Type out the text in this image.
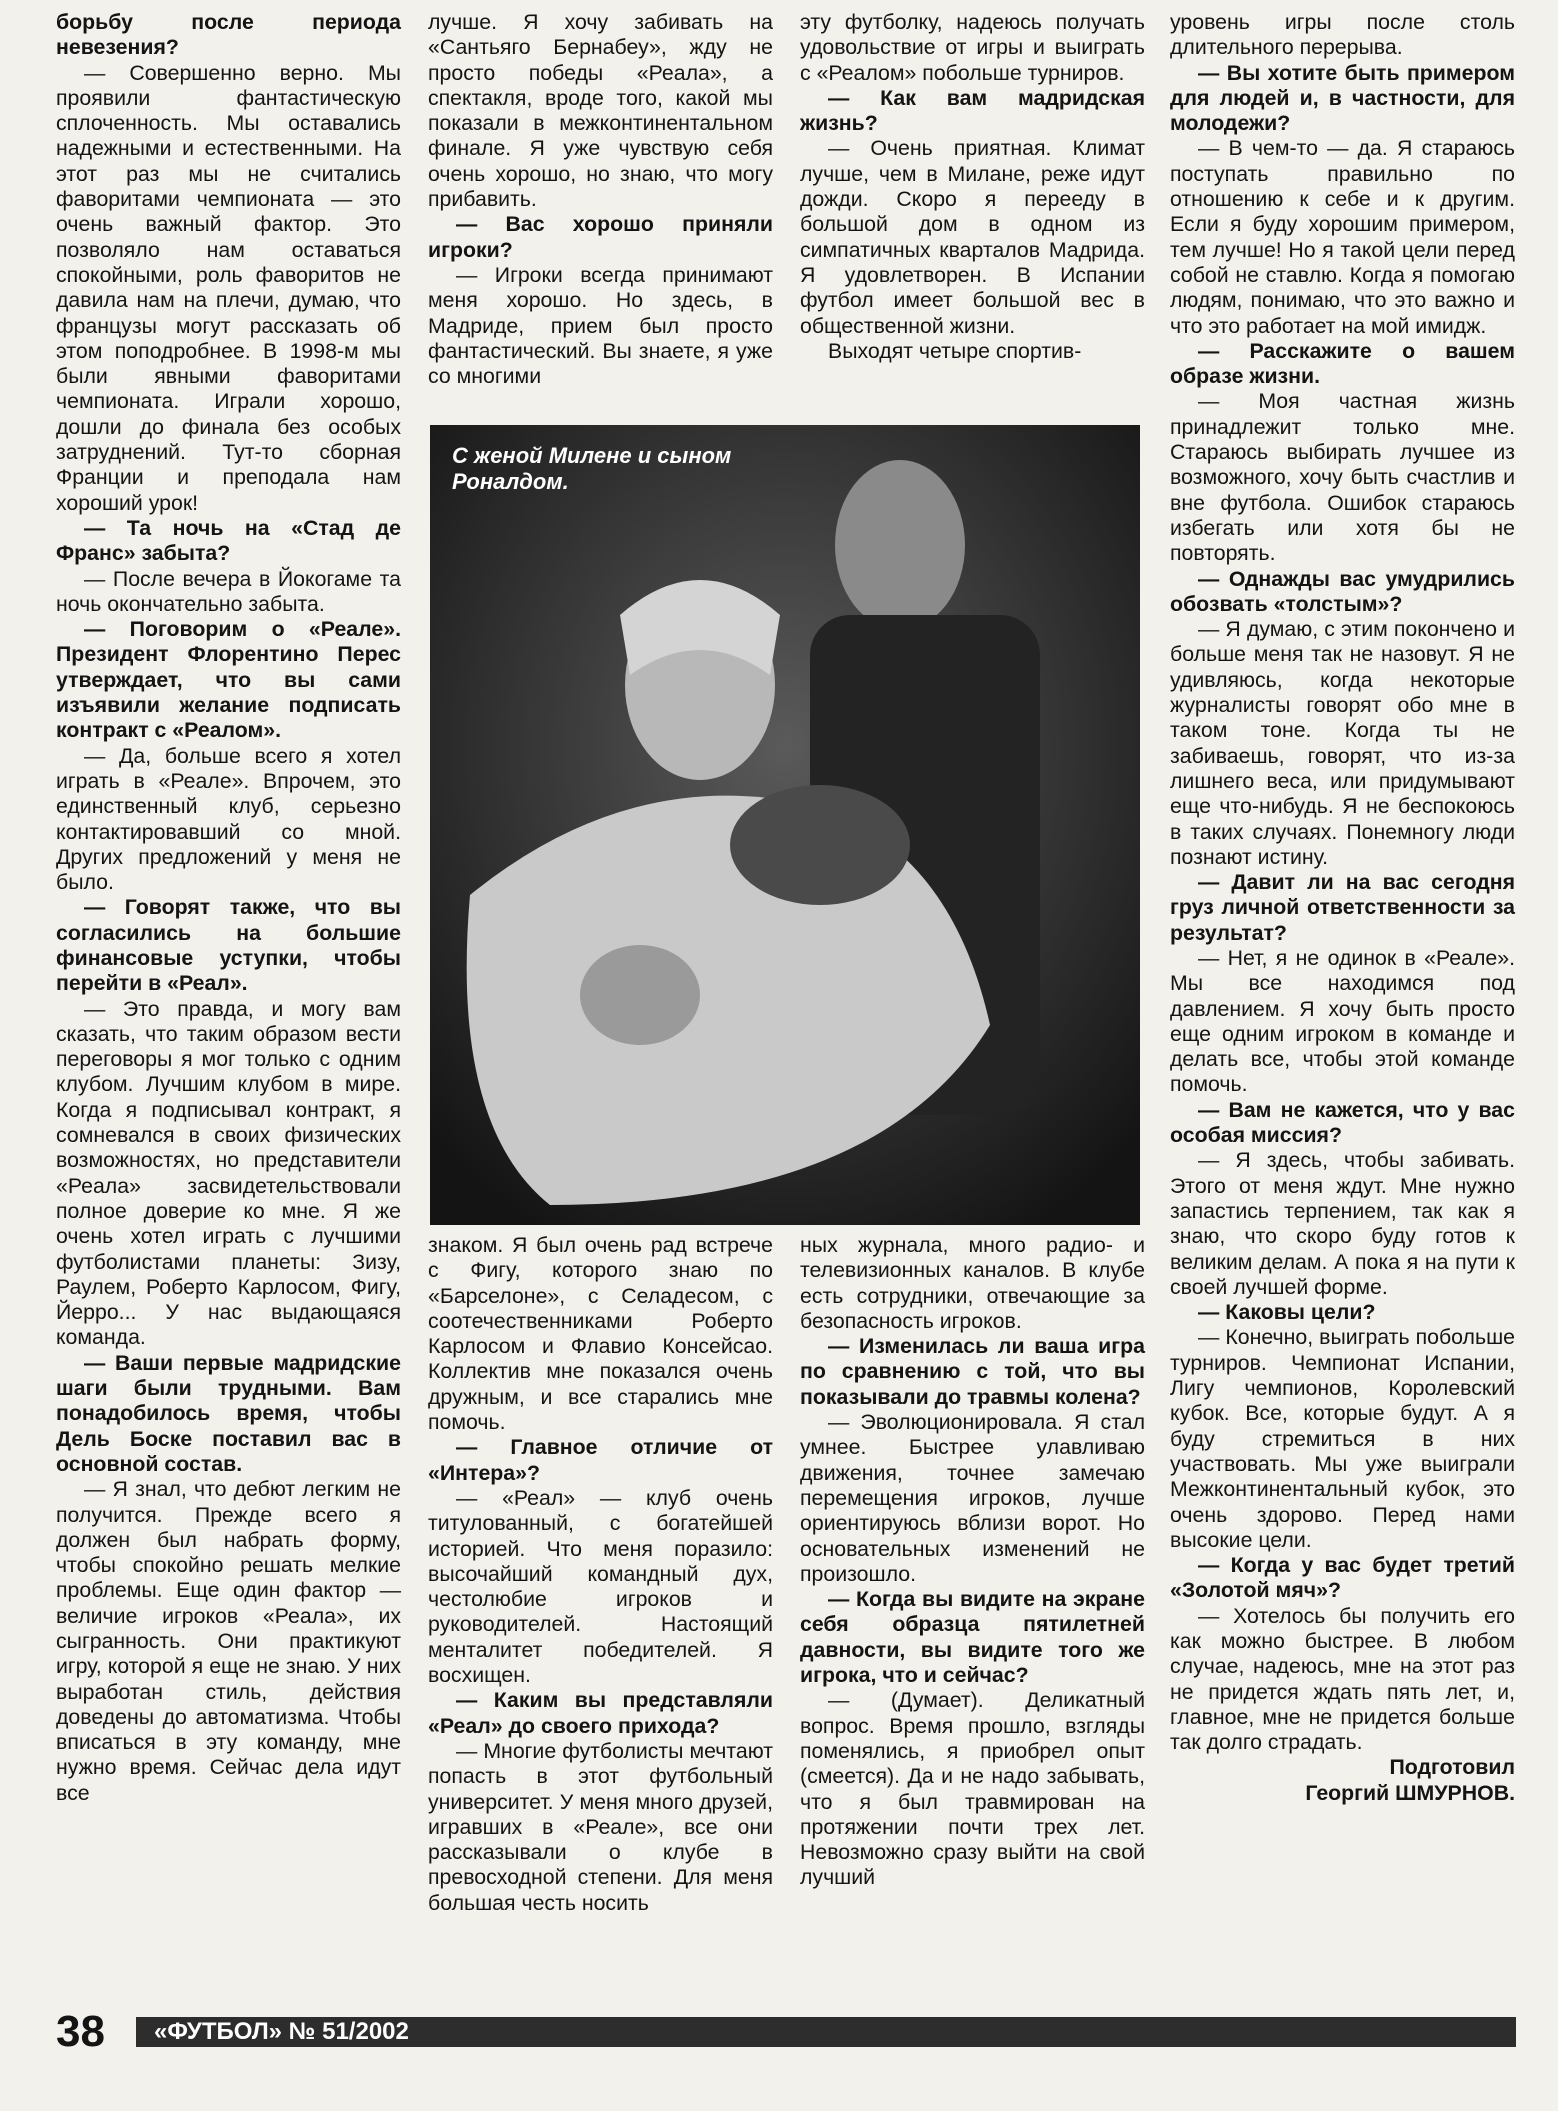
борьбу после периода невезения?

— Совершенно верно. Мы проявили фантастическую сплоченность. Мы оставались надежными и естественными. На этот раз мы не считались фаворитами чемпионата — это очень важный фактор. Это позволяло нам оставаться спокойными, роль фаворитов не давила нам на плечи, думаю, что французы могут рассказать об этом поподробнее. В 1998-м мы были явными фаворитами чемпионата. Играли хорошо, дошли до финала без особых затруднений. Тут-то сборная Франции и преподала нам хороший урок!

— Та ночь на «Стад де Франс» забыта?

— После вечера в Йокогаме та ночь окончательно забыта.

— Поговорим о «Реале». Президент Флорентино Перес утверждает, что вы сами изъявили желание подписать контракт с «Реалом».

— Да, больше всего я хотел играть в «Реале». Впрочем, это единственный клуб, серьезно контактировавший со мной. Других предложений у меня не было.

— Говорят также, что вы согласились на большие финансовые уступки, чтобы перейти в «Реал».

— Это правда, и могу вам сказать, что таким образом вести переговоры я мог только с одним клубом. Лучшим клубом в мире. Когда я подписывал контракт, я сомневался в своих физических возможностях, но представители «Реала» засвидетельствовали полное доверие ко мне. Я же очень хотел играть с лучшими футболистами планеты: Зизу, Раулем, Роберто Карлосом, Фигу, Йерро... У нас выдающаяся команда.

— Ваши первые мадридские шаги были трудными. Вам понадобилось время, чтобы Дель Боске поставил вас в основной состав.

— Я знал, что дебют легким не получится. Прежде всего я должен был набрать форму, чтобы спокойно решать мелкие проблемы. Еще один фактор — величие игроков «Реала», их сыгранность. Они практикуют игру, которой я еще не знаю. У них выработан стиль, действия доведены до автоматизма. Чтобы вписаться в эту команду, мне нужно время. Сейчас дела идут все

лучше. Я хочу забивать на «Сантьяго Бернабеу», жду не просто победы «Реала», а спектакля, вроде того, какой мы показали в межконтинентальном финале. Я уже чувствую себя очень хорошо, но знаю, что могу прибавить.

— Вас хорошо приняли игроки?

— Игроки всегда принимают меня хорошо. Но здесь, в Мадриде, прием был просто фантастический. Вы знаете, я уже со многими

знаком. Я был очень рад встрече с Фигу, которого знаю по «Барселоне», с Селадесом, с соотечественниками Роберто Карлосом и Флавио Консейсао. Коллектив мне показался очень дружным, и все старались мне помочь.

— Главное отличие от «Интера»?

— «Реал» — клуб очень титулованный, с богатейшей историей. Что меня поразило: высочайший командный дух, честолюбие игроков и руководителей. Настоящий менталитет победителей. Я восхищен.

— Каким вы представляли «Реал» до своего прихода?

— Многие футболисты мечтают попасть в этот футбольный университет. У меня много друзей, игравших в «Реале», все они рассказывали о клубе в превосходной степени. Для меня большая честь носить

эту футболку, надеюсь получать удовольствие от игры и выиграть с «Реалом» побольше турниров.

— Как вам мадридская жизнь?

— Очень приятная. Климат лучше, чем в Милане, реже идут дожди. Скоро я перееду в большой дом в одном из симпатичных кварталов Мадрида. Я удовлетворен. В Испании футбол имеет большой вес в общественной жизни.

Выходят четыре спортив-

ных журнала, много радио- и телевизионных каналов. В клубе есть сотрудники, отвечающие за безопасность игроков.

— Изменилась ли ваша игра по сравнению с той, что вы показывали до травмы колена?

— Эволюционировала. Я стал умнее. Быстрее улавливаю движения, точнее замечаю перемещения игроков, лучше ориентируюсь вблизи ворот. Но основательных изменений не произошло.

— Когда вы видите на экране себя образца пятилетней давности, вы видите того же игрока, что и сейчас?

— (Думает). Деликатный вопрос. Время прошло, взгляды поменялись, я приобрел опыт (смеется). Да и не надо забывать, что я был травмирован на протяжении почти трех лет. Невозможно сразу выйти на свой лучший

уровень игры после столь длительного перерыва.

— Вы хотите быть примером для людей и, в частности, для молодежи?

— В чем-то — да. Я стараюсь поступать правильно по отношению к себе и к другим. Если я буду хорошим примером, тем лучше! Но я такой цели перед собой не ставлю. Когда я помогаю людям, понимаю, что это важно и что это работает на мой имидж.

— Расскажите о вашем образе жизни.

— Моя частная жизнь принадлежит только мне. Стараюсь выбирать лучшее из возможного, хочу быть счастлив и вне футбола. Ошибок стараюсь избегать или хотя бы не повторять.

— Однажды вас умудрились обозвать «толстым»?

— Я думаю, с этим покончено и больше меня так не назовут. Я не удивляюсь, когда некоторые журналисты говорят обо мне в таком тоне. Когда ты не забиваешь, говорят, что из-за лишнего веса, или придумывают еще что-нибудь. Я не беспокоюсь в таких случаях. Понемногу люди познают истину.

— Давит ли на вас сегодня груз личной ответственности за результат?

— Нет, я не одинок в «Реале». Мы все находимся под давлением. Я хочу быть просто еще одним игроком в команде и делать все, чтобы этой команде помочь.

— Вам не кажется, что у вас особая миссия?

— Я здесь, чтобы забивать. Этого от меня ждут. Мне нужно запастись терпением, так как я знаю, что скоро буду готов к великим делам. А пока я на пути к своей лучшей форме.

— Каковы цели?

— Конечно, выиграть побольше турниров. Чемпионат Испании, Лигу чемпионов, Королевский кубок. Все, которые будут. А я буду стремиться в них участвовать. Мы уже выиграли Межконтинентальный кубок, это очень здорово. Перед нами высокие цели.

— Когда у вас будет третий «Золотой мяч»?

— Хотелось бы получить его как можно быстрее. В любом случае, надеюсь, мне на этот раз не придется ждать пять лет, и, главное, мне не придется больше так долго страдать.

Подготовил

Георгий ШМУРНОВ.

С женой Милене и сыном Роналдом.
38	«ФУТБОЛ» № 51/2002
